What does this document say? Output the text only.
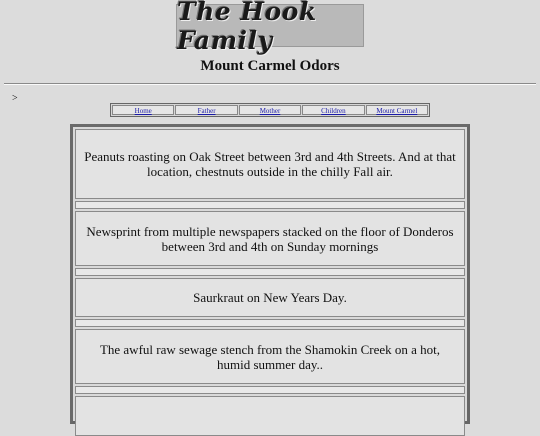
The Hook Family
Mount Carmel Odors
>
Home	Father	Mother	Children	Mount Carmel
Peanuts roasting on Oak Street between 3rd and 4th Streets. And at that location, chestnuts outside in the chilly Fall air.
Newsprint from multiple newspapers stacked on the floor of Donderos between 3rd and 4th on Sunday mornings
Saurkraut on New Years Day.
The awful raw sewage stench from the Shamokin Creek on a hot, humid summer day..
